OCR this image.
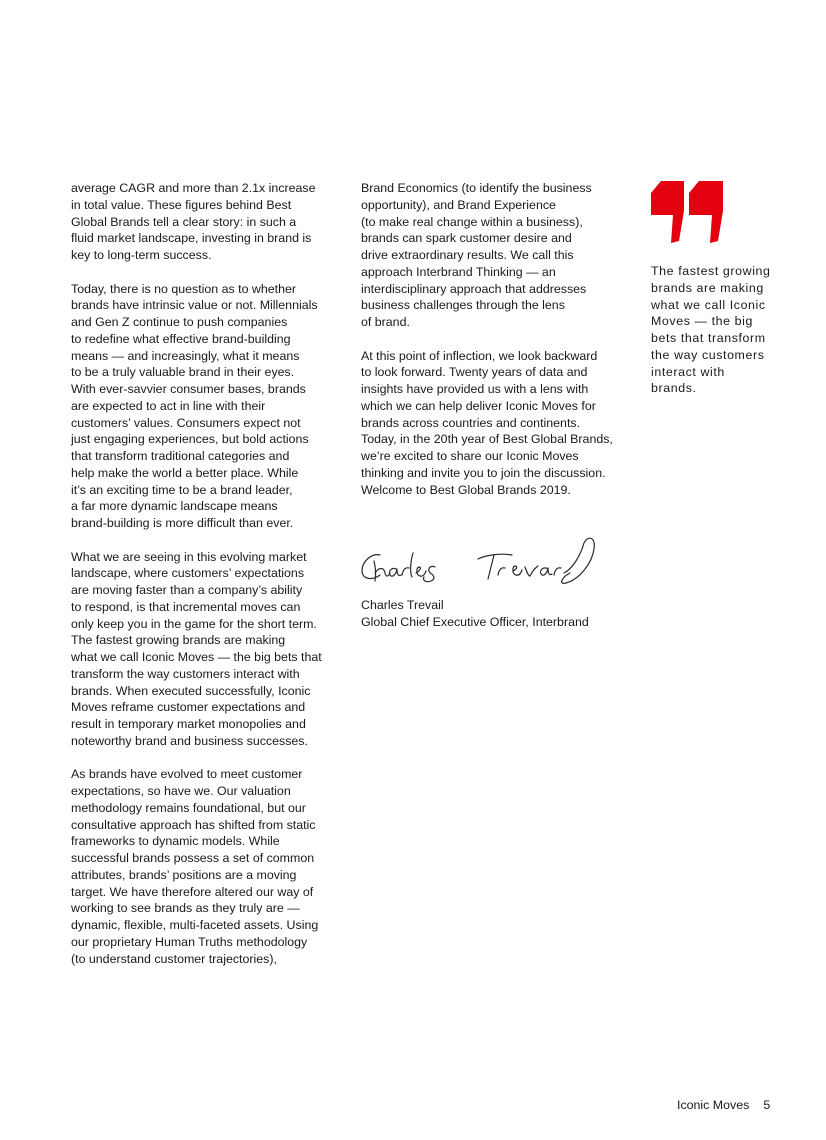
average CAGR and more than 2.1x increase
in total value. These figures behind Best
Global Brands tell a clear story: in such a
fluid market landscape, investing in brand is
key to long-term success.
Today, there is no question as to whether
brands have intrinsic value or not. Millennials
and Gen Z continue to push companies
to redefine what effective brand-building
means — and increasingly, what it means
to be a truly valuable brand in their eyes.
With ever-savvier consumer bases, brands
are expected to act in line with their
customers’ values. Consumers expect not
just engaging experiences, but bold actions
that transform traditional categories and
help make the world a better place. While
it’s an exciting time to be a brand leader,
a far more dynamic landscape means
brand-building is more difficult than ever.
What we are seeing in this evolving market
landscape, where customers’ expectations
are moving faster than a company’s ability
to respond, is that incremental moves can
only keep you in the game for the short term.
The fastest growing brands are making
what we call Iconic Moves — the big bets that
transform the way customers interact with
brands. When executed successfully, Iconic
Moves reframe customer expectations and
result in temporary market monopolies and
noteworthy brand and business successes.
As brands have evolved to meet customer
expectations, so have we. Our valuation
methodology remains foundational, but our
consultative approach has shifted from static
frameworks to dynamic models. While
successful brands possess a set of common
attributes, brands’ positions are a moving
target. We have therefore altered our way of
working to see brands as they truly are —
dynamic, flexible, multi-faceted assets. Using
our proprietary Human Truths methodology
(to understand customer trajectories),
Brand Economics (to identify the business
opportunity), and Brand Experience
(to make real change within a business),
brands can spark customer desire and
drive extraordinary results. We call this
approach Interbrand Thinking — an
interdisciplinary approach that addresses
business challenges through the lens
of brand.
At this point of inflection, we look backward
to look forward. Twenty years of data and
insights have provided us with a lens with
which we can help deliver Iconic Moves for
brands across countries and continents.
Today, in the 20th year of Best Global Brands,
we’re excited to share our Iconic Moves
thinking and invite you to join the discussion.
Welcome to Best Global Brands 2019.
Charles Trevail
Global Chief Executive Officer, Interbrand
The fastest growing
brands are making
what we call Iconic
Moves — the big
bets that transform
the way customers
interact with
brands.
Iconic Moves 5
